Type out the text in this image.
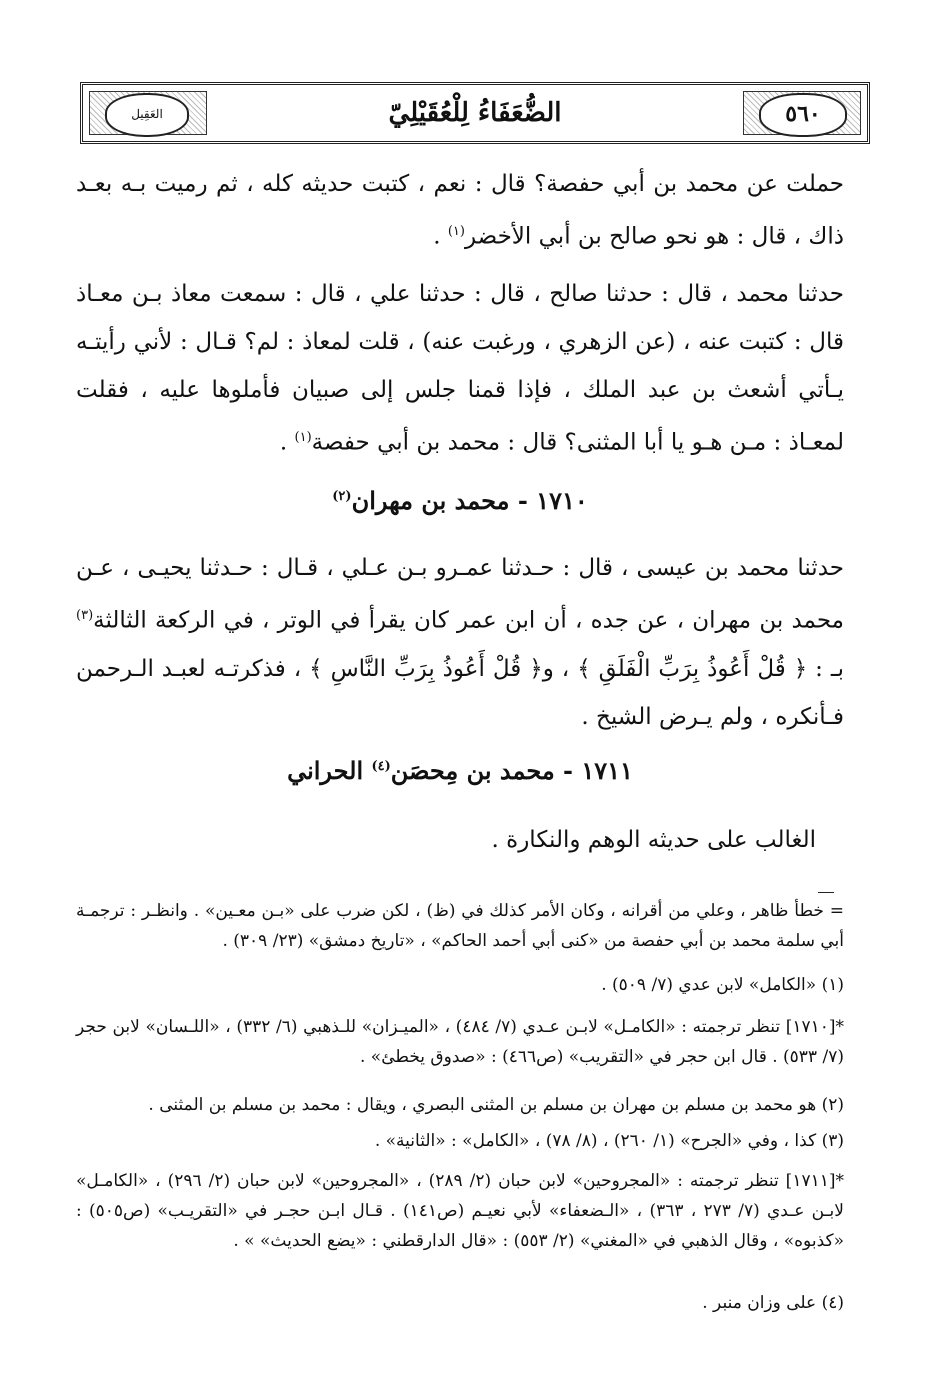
العَقِيل	الضُّعَفَاءُ لِلْعُقَيْلِيّ	٥٦٠
حملت عن محمد بن أبي حفصة؟ قال : نعم ، كتبت حديثه كله ، ثم رميت بـه بعـد ذاك ، قال : هو نحو صالح بن أبي الأخضر$^{(١)}$ .
حدثنا محمد ، قال : حدثنا صالح ، قال : حدثنا علي ، قال : سمعت معاذ بـن معـاذ قال : كتبت عنه ، (عن الزهري ، ورغبت عنه) ، قلت لمعاذ : لم؟ قـال : لأني رأيتـه يـأتي أشعث بن عبد الملك ، فإذا قمنا جلس إلى صبيان فأملوها عليه ، فقلت لمعـاذ : مـن هـو يا أبا المثنى؟ قال : محمد بن أبي حفصة$^{(١)}$ .
١٧١٠ - محمد بن مهران$^{(٢)}$
حدثنا محمد بن عيسى ، قال : حـدثنا عمـرو بـن عـلي ، قـال : حـدثنا يحيـى ، عـن محمد بن مهران ، عن جده ، أن ابن عمر كان يقرأ في الوتر ، في الركعة الثالثة$^{(٣)}$ بـ : ﴿ قُلْ أَعُوذُ بِرَبِّ الْفَلَقِ ﴾ ، و﴿ قُلْ أَعُوذُ بِرَبِّ النَّاسِ ﴾ ، فذكرتـه لعبـد الـرحمن فـأنكره ، ولم يـرض الشيخ .
١٧١١ - محمد بن مِحصَن$^{(٤)}$ الحراني
الغالب على حديثه الوهم والنكارة .
= خطأ ظاهر ، وعلي من أقرانه ، وكان الأمر كذلك في (ظ) ، لكن ضرب على «بـن معـين» . وانظـر : ترجمـة أبي سلمة محمد بن أبي حفصة من «كنى أبي أحمد الحاكم» ، «تاريخ دمشق» (٢٣/ ٣٠٩) .
(١) «الكامل» لابن عدي (٧/ ٥٠٩) .
*[١٧١٠] تنظر ترجمته : «الكامـل» لابـن عـدي (٧/ ٤٨٤) ، «الميـزان» للـذهبي (٦/ ٣٣٢) ، «اللـسان» لابن حجر (٧/ ٥٣٣) . قال ابن حجر في «التقريب» (ص٤٦٦) : «صدوق يخطئ» .
(٢) هو محمد بن مسلم بن مهران بن مسلم بن المثنى البصري ، ويقال : محمد بن مسلم بن المثنى .
(٣) كذا ، وفي «الجرح» (١/ ٢٦٠) ، (٨/ ٧٨) ، «الكامل» : «الثانية» .
*[١٧١١] تنظر ترجمته : «المجروحين» لابن حبان (٢/ ٢٨٩) ، «المجروحين» لابن حبان (٢/ ٢٩٦) ، «الكامـل» لابـن عـدي (٧/ ٢٧٣ ، ٣٦٣) ، «الـضعفاء» لأبي نعيـم (ص١٤١) . قـال ابـن حجـر في «التقريـب» (ص٥٠٥) : «كذبوه» ، وقال الذهبي في «المغني» (٢/ ٥٥٣) : «قال الدارقطني : «يضع الحديث» » .
(٤) على وزان منبر .
